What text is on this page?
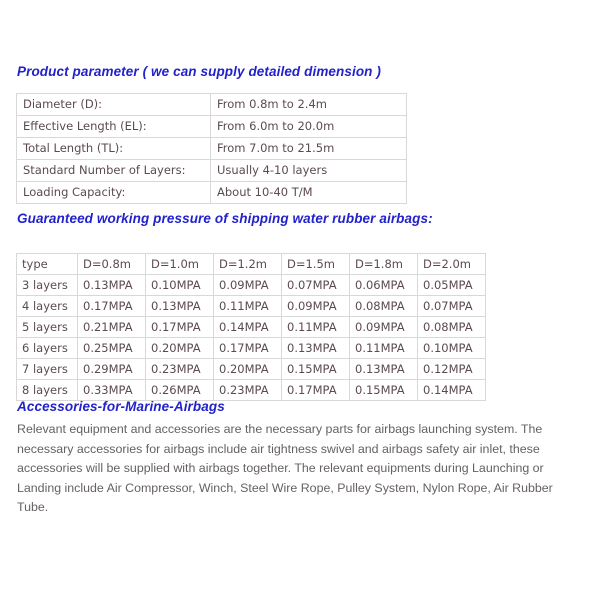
Product parameter ( we can supply detailed dimension )
Diameter (D):	From 0.8m to 2.4m
Effective Length (EL):	From 6.0m to 20.0m
Total Length (TL):	From 7.0m to 21.5m
Standard Number of Layers:	Usually 4-10 layers
Loading Capacity:	About 10-40 T/M
Guaranteed working pressure of shipping water rubber airbags:
type	D=0.8m	D=1.0m	D=1.2m	D=1.5m	D=1.8m	D=2.0m
3 layers	0.13MPA	0.10MPA	0.09MPA	0.07MPA	0.06MPA	0.05MPA
4 layers	0.17MPA	0.13MPA	0.11MPA	0.09MPA	0.08MPA	0.07MPA
5 layers	0.21MPA	0.17MPA	0.14MPA	0.11MPA	0.09MPA	0.08MPA
6 layers	0.25MPA	0.20MPA	0.17MPA	0.13MPA	0.11MPA	0.10MPA
7 layers	0.29MPA	0.23MPA	0.20MPA	0.15MPA	0.13MPA	0.12MPA
8 layers	0.33MPA	0.26MPA	0.23MPA	0.17MPA	0.15MPA	0.14MPA
Accessories-for-Marine-Airbags

Relevant equipment and accessories are the necessary parts for airbags launching system. The necessary accessories for airbags include air tightness swivel and airbags safety air inlet, these accessories will be supplied with airbags together. The relevant equipments during Launching or Landing include Air Compressor, Winch, Steel Wire Rope, Pulley System, Nylon Rope, Air Rubber Tube.
